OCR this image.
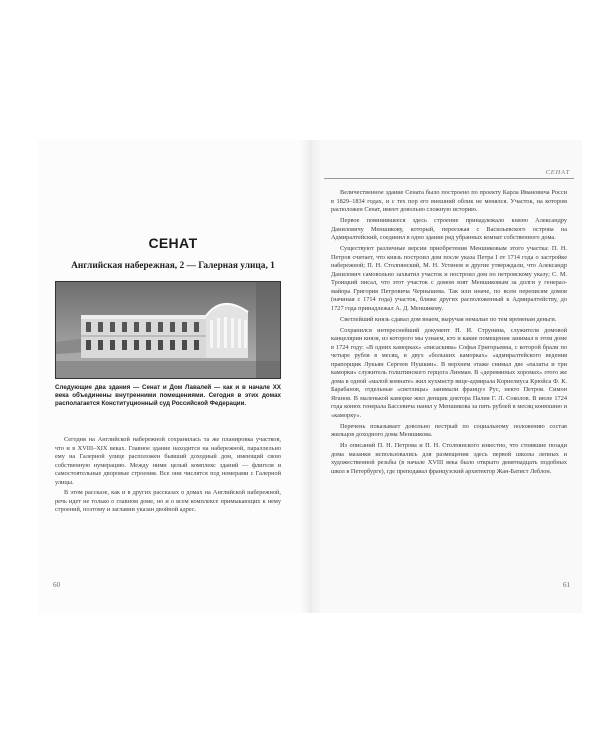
СЕНАТ
Английская набережная, 2 — Галерная улица, 1
Следующие два здания — Сенат и Дом Лавалей — как и в начале XX века объединены внутренними помещениями. Сегодня в этих домах располагается Конституционный суд Российской Федерации.

Сегодня на Английской набережной сохранилась та же планировка участков, что и в XVIII–XIX веках. Главное здание находится на набережной, параллельно ему на Галерной улице расположен бывший доходный дом, имеющий свою собственную нумерацию. Между ними целый комплекс зданий — флигеля и самостоятельные дворовые строения. Все они числятся под номерами с Галерной улицы.

В этом рассказе, как и в других рассказах о домах на Английской набережной, речь идет не только о главном доме, но и о всем комплексе примыкающих к нему строений, поэтому и заглавии указан двойной адрес.

60
СЕНАТ

Величественное здание Сената было построено по проекту Карла Ивановича Росси в 1829–1834 годах, и с тех пор его внешний облик не менялся. Участок, на котором расположен Сенат, имеет довольно сложную историю.

Первое повинившееся здесь строение принадлежало князю Александру Даниловичу Меншикову, который, переезжая с Васильевского острова на Адмиралтейский, соединил в одно здание ряд убранных комнат собственного дома.

Существуют различные версии приобретения Меншиковым этого участка: П. Н. Петров считает, что князь построил дом после указа Петра I от 1714 года о застройке набережной; П. Н. Столпянский, М. Н. Устинов и другие утверждали, что Александр Данилович самовольно захватил участок и построил дом по петровскому указу; С. М. Троицкий писал, что этот участок с домом взят Меншиковым за долги у генерал-майора Григория Петровича Чернышева. Так или иначе, по всем переписям домов (начиная с 1714 года) участок, ближе других расположенный к Адмиралтейству, до 1727 года принадлежал А. Д. Меншикову.

Светлейший князь сдавал дом внаем, выручая немалые по тем временам деньги.

Сохранился интереснейший документ Н. И. Струнина, служителя домовой канцелярии князя, из которого мы узнаем, кто и какие помещения занимал в этом доме в 1724 году: «В одних каморках» «писаскива» Софья Григорьевна, с которой брали по четыре рубля в месяц, в двух «больших каморках» «адмиралтейского ведения прапорщик Лукьян Сергеев Нушкин». В верхнем этаже снимал две «палаты и три каморки» служитель голштинского герцога Линман. В «деревянных хоромах» этого же дома в одной «малой комнате» жил кухмистр вице-адмирала Корнелиуса Крюйса Ф. К. Барабанов, отдельные «светлицы» занимали француз Рус, некто Петров. Симон Яганов. В маленькой каморке жил денщик доктора Палия Г. Л. Соколов. В июле 1724 года конюх генерала Бассевича нанял у Меншикова за пять рублей в месяц конюшню и «каморку».

Перечень показывает довольно пестрый по социальному положению состав жильцов доходного дома Меншикова.

Из описаний П. Н. Петрова и П. Н. Столпянского известно, что стоявшие позади дома мазанки использовались для размещения здесь первой школы лепных и художественной резьбы (в начале XVIII века было открыто девятнадцать подобных школ в Петербурге), где преподавал французский архитектор Жан-Батист Леблон.

61
